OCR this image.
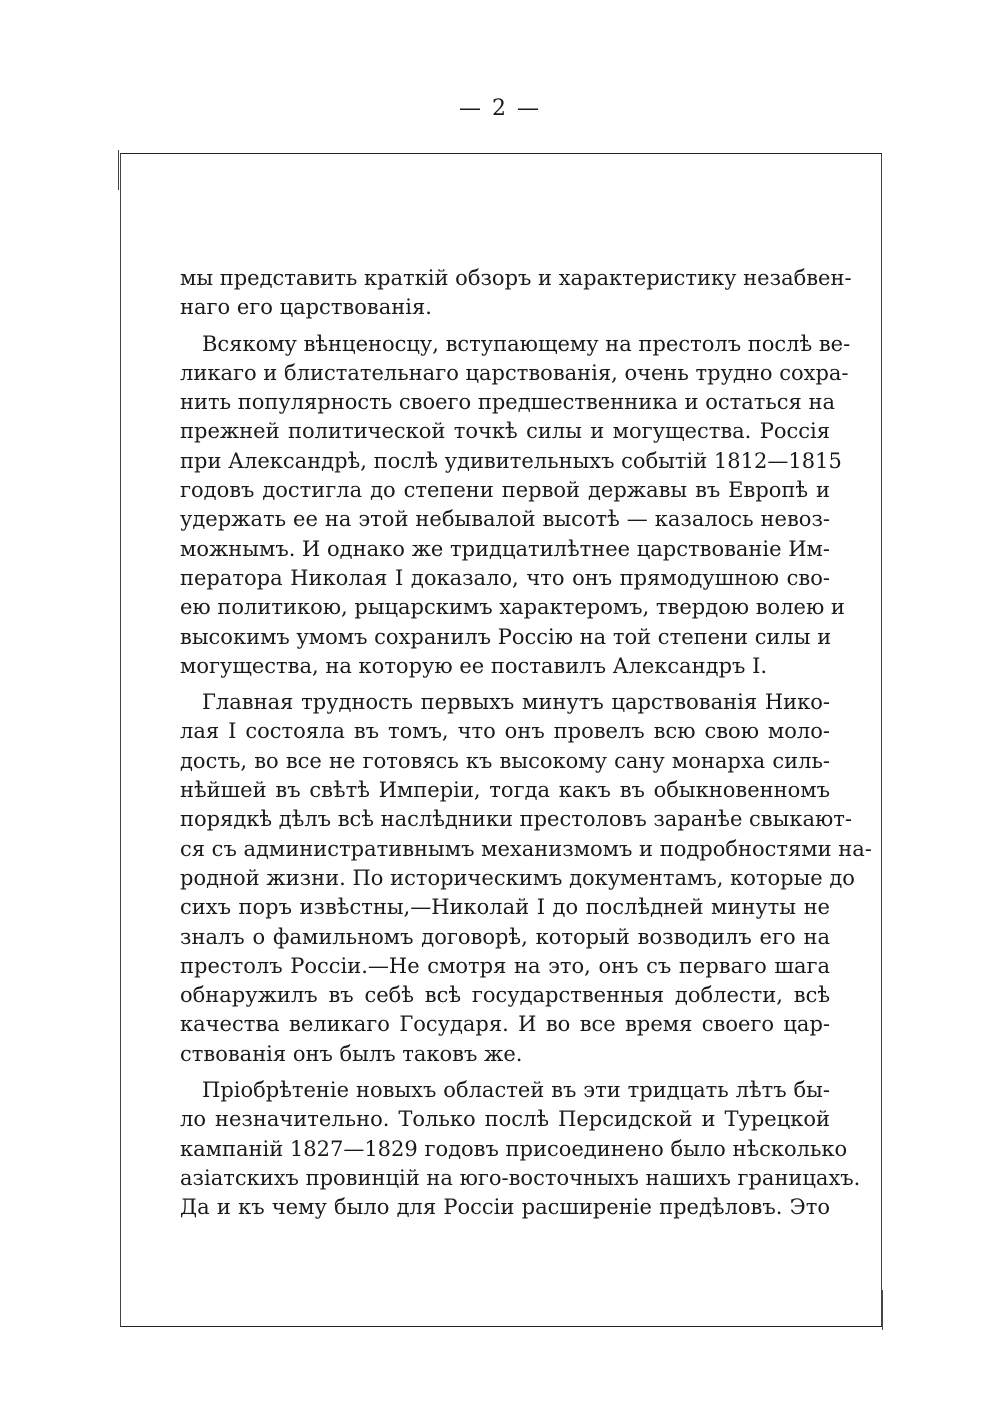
— 2 —
мы представить краткій обзоръ и характеристику незабвен-
наго его царствованія.
Всякому вѣнценосцу, вступающему на престолъ послѣ ве-
ликаго и блистательнаго царствованія, очень трудно сохра-
нить популярность своего предшественника и остаться на
прежней политической точкѣ силы и могущества. Россія
при Александрѣ, послѣ удивительныхъ событій 1812—1815
годовъ достигла до степени первой державы въ Европѣ и
удержать ее на этой небывалой высотѣ — казалось невоз-
можнымъ. И однако же тридцатилѣтнее царствованіе Им-
ператора Николая I доказало, что онъ прямодушною сво-
ею политикою, рыцарскимъ характеромъ, твердою волею и
высокимъ умомъ сохранилъ Россію на той степени силы и
могущества, на которую ее поставилъ Александръ I.
Главная трудность первыхъ минутъ царствованія Нико-
лая I состояла въ томъ, что онъ провелъ всю свою моло-
дость, во все не готовясь къ высокому сану монарха силь-
нѣйшей въ свѣтѣ Имперіи, тогда какъ въ обыкновенномъ
порядкѣ дѣлъ всѣ наслѣдники престоловъ заранѣе свыкают-
ся съ административнымъ механизмомъ и подробностями на-
родной жизни. По историческимъ документамъ, которые до
сихъ поръ извѣстны,—Николай I до послѣдней минуты не
зналъ о фамильномъ договорѣ, который возводилъ его на
престолъ Россіи.—Не смотря на это, онъ съ перваго шага
обнаружилъ въ себѣ всѣ государственныя доблести, всѣ
качества великаго Государя. И во все время своего цар-
ствованія онъ былъ таковъ же.
Пріобрѣтеніе новыхъ областей въ эти тридцать лѣтъ бы-
ло незначительно. Только послѣ Персидской и Турецкой
кампаній 1827—1829 годовъ присоединено было нѣсколько
азіатскихъ провинцій на юго-восточныхъ нашихъ границахъ.
Да и къ чему было для Россіи расширеніе предѣловъ. Это
